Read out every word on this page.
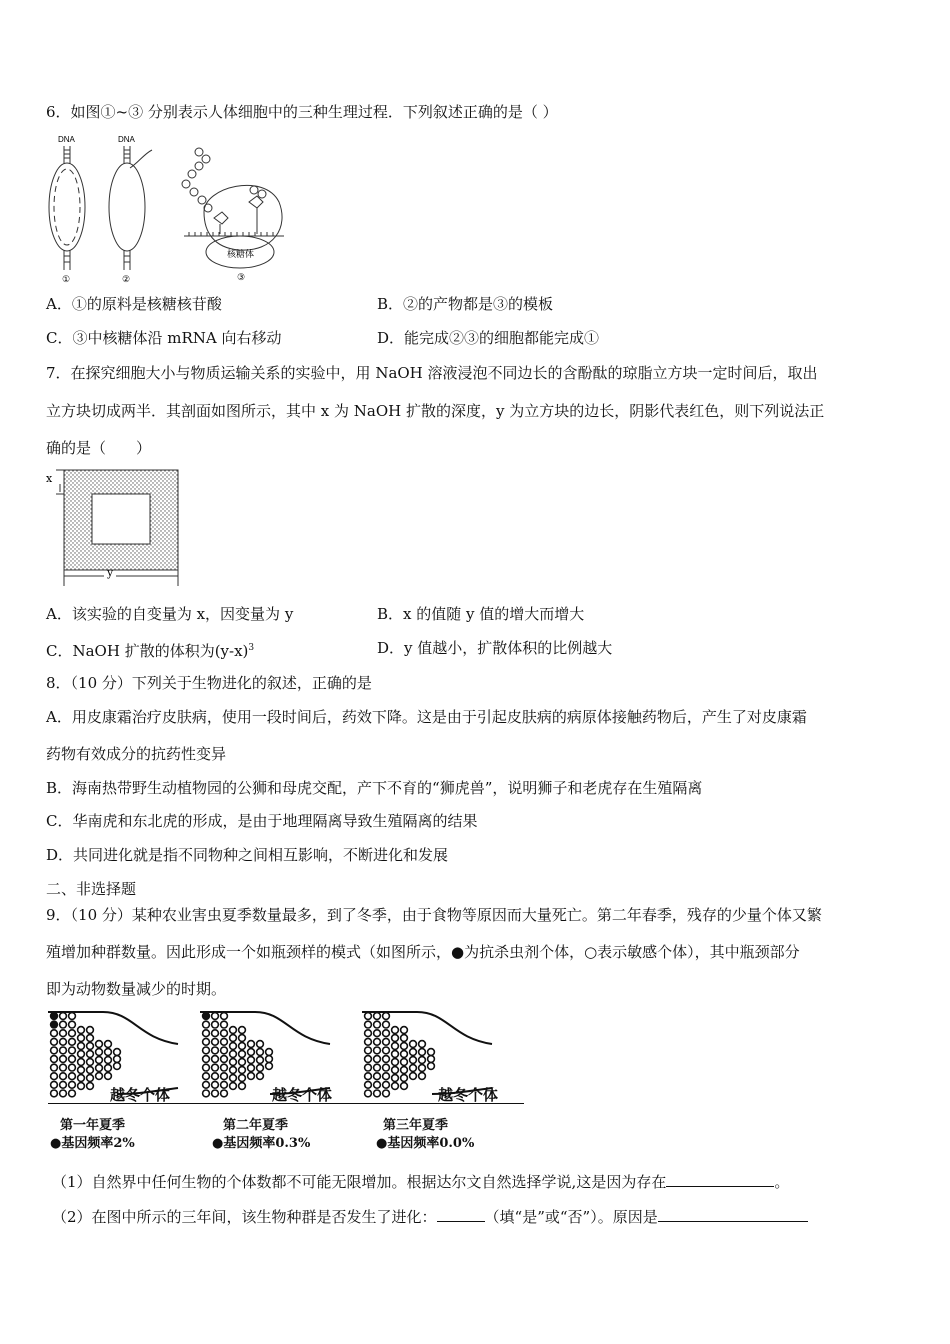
6．如图①~③ 分别表示人体细胞中的三种生理过程．下列叙述正确的是（ ）
DNA
①
DNA
②
核糖体
③
A．①的原料是核糖核苷酸	B．②的产物都是③的模板
C．③中核糖体沿 mRNA 向右移动	D．能完成②③的细胞都能完成①
7．在探究细胞大小与物质运输关系的实验中，用 NaOH 溶液浸泡不同边长的含酚酞的琼脂立方块一定时间后，取出
立方块切成两半．其剖面如图所示，其中 x 为 NaOH 扩散的深度，y 为立方块的边长，阴影代表红色，则下列说法正
确的是（　　）
x
y
A．该实验的自变量为 x，因变量为 y	B．x 的值随 y 值的增大而增大
C．NaOH 扩散的体积为$(y-x)^3$	D．y 值越小，扩散体积的比例越大
8．（10 分）下列关于生物进化的叙述，正确的是
A．用皮康霜治疗皮肤病，使用一段时间后，药效下降。这是由于引起皮肤病的病原体接触药物后，产生了对皮康霜
药物有效成分的抗药性变异
B．海南热带野生动植物园的公狮和母虎交配，产下不育的“狮虎兽”，说明狮子和老虎存在生殖隔离
C．华南虎和东北虎的形成，是由于地理隔离导致生殖隔离的结果
D．共同进化就是指不同物种之间相互影响，不断进化和发展
二、非选择题
9．（10 分）某种农业害虫夏季数量最多，到了冬季，由于食物等原因而大量死亡。第二年春季，残存的少量个体又繁
殖增加种群数量。因此形成一个如瓶颈样的模式（如图所示，●为抗杀虫剂个体，○表示敏感个体），其中瓶颈部分
即为动物数量减少的时期。
越冬个体	越冬个体	越冬个体
第一年夏季	第二年夏季	第三年夏季
●基因频率2%	●基因频率0.3%	●基因频率0.0%
（1）自然界中任何生物的个体数都不可能无限增加。根据达尔文自然选择学说,这是因为存在	。
（2）在图中所示的三年间，该生物种群是否发生了进化：	（填“是”或“否”）。原因是
